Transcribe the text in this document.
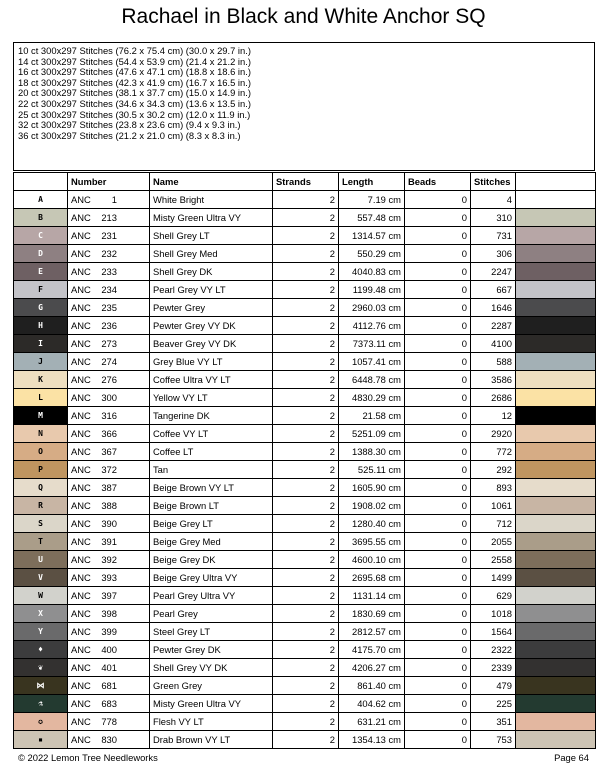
Rachael in Black and White Anchor SQ
10 ct 300x297 Stitches (76.2 x 75.4 cm) (30.0 x 29.7 in.)
14 ct 300x297 Stitches (54.4 x 53.9 cm) (21.4 x 21.2 in.)
16 ct 300x297 Stitches (47.6 x 47.1 cm) (18.8 x 18.6 in.)
18 ct 300x297 Stitches (42.3 x 41.9 cm) (16.7 x 16.5 in.)
20 ct 300x297 Stitches (38.1 x 37.7 cm) (15.0 x 14.9 in.)
22 ct 300x297 Stitches (34.6 x 34.3 cm) (13.6 x 13.5 in.)
25 ct 300x297 Stitches (30.5 x 30.2 cm) (12.0 x 11.9 in.)
32 ct 300x297 Stitches (23.8 x 23.6 cm) (9.4 x 9.3 in.)
36 ct 300x297 Stitches (21.2 x 21.0 cm) (8.3 x 8.3 in.)
	Number	Name	Strands	Length	Beads	Stitches	
A	ANC 1	White Bright	2	7.19 cm	0	4	
B	ANC 213	Misty Green Ultra VY	2	557.48 cm	0	310	
C	ANC 231	Shell Grey LT	2	1314.57 cm	0	731	
D	ANC 232	Shell Grey Med	2	550.29 cm	0	306	
E	ANC 233	Shell Grey DK	2	4040.83 cm	0	2247	
F	ANC 234	Pearl Grey VY LT	2	1199.48 cm	0	667	
G	ANC 235	Pewter Grey	2	2960.03 cm	0	1646	
H	ANC 236	Pewter Grey VY DK	2	4112.76 cm	0	2287	
I	ANC 273	Beaver Grey VY DK	2	7373.11 cm	0	4100	
J	ANC 274	Grey Blue VY LT	2	1057.41 cm	0	588	
K	ANC 276	Coffee Ultra VY LT	2	6448.78 cm	0	3586	
L	ANC 300	Yellow VY LT	2	4830.29 cm	0	2686	
M	ANC 316	Tangerine DK	2	21.58 cm	0	12	
N	ANC 366	Coffee VY LT	2	5251.09 cm	0	2920	
O	ANC 367	Coffee LT	2	1388.30 cm	0	772	
P	ANC 372	Tan	2	525.11 cm	0	292	
Q	ANC 387	Beige Brown VY LT	2	1605.90 cm	0	893	
R	ANC 388	Beige Brown LT	2	1908.02 cm	0	1061	
S	ANC 390	Beige Grey LT	2	1280.40 cm	0	712	
T	ANC 391	Beige Grey Med	2	3695.55 cm	0	2055	
U	ANC 392	Beige Grey DK	2	4600.10 cm	0	2558	
V	ANC 393	Beige Grey Ultra VY	2	2695.68 cm	0	1499	
W	ANC 397	Pearl Grey Ultra VY	2	1131.14 cm	0	629	
X	ANC 398	Pearl Grey	2	1830.69 cm	0	1018	
Y	ANC 399	Steel Grey LT	2	2812.57 cm	0	1564	
♦	ANC 400	Pewter Grey DK	2	4175.70 cm	0	2322	
❦	ANC 401	Shell Grey VY DK	2	4206.27 cm	0	2339	
⋈	ANC 681	Green Grey	2	861.40 cm	0	479	
⚗	ANC 683	Misty Green Ultra VY	2	404.62 cm	0	225	
✪	ANC 778	Flesh VY LT	2	631.21 cm	0	351	
▪	ANC 830	Drab Brown VY LT	2	1354.13 cm	0	753	
© 2022 Lemon Tree Needleworks	Page 64
